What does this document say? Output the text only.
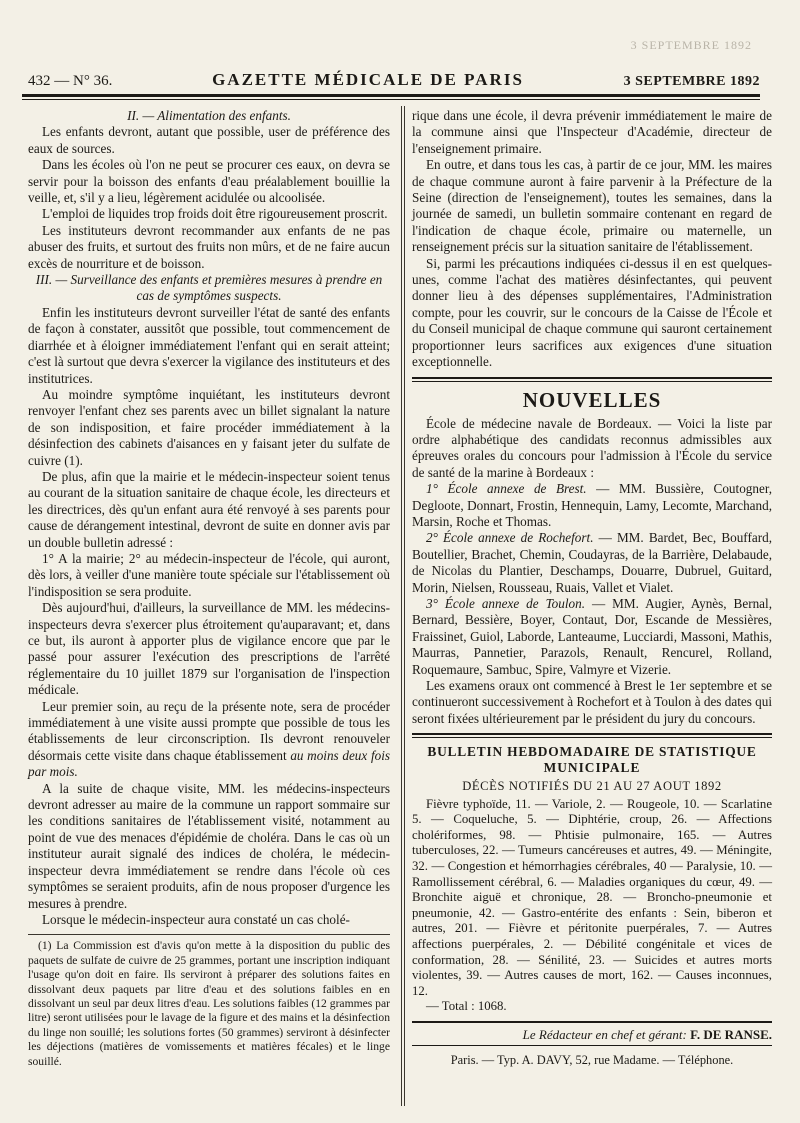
3 SEPTEMBRE 1892
432 — N° 36.	GAZETTE MÉDICALE DE PARIS	3 SEPTEMBRE 1892

II. — Alimentation des enfants.

Les enfants devront, autant que possible, user de préférence des eaux de sources.

Dans les écoles où l'on ne peut se procurer ces eaux, on devra se servir pour la boisson des enfants d'eau préalablement bouillie la veille, et, s'il y a lieu, légèrement acidulée ou alcoolisée.

L'emploi de liquides trop froids doit être rigoureusement proscrit.

Les instituteurs devront recommander aux enfants de ne pas abuser des fruits, et surtout des fruits non mûrs, et de ne faire aucun excès de nourriture et de boisson.

III. — Surveillance des enfants et premières mesures à prendre en cas de symptômes suspects.

Enfin les instituteurs devront surveiller l'état de santé des enfants de façon à constater, aussitôt que possible, tout commencement de diarrhée et à éloigner immédiatement l'enfant qui en serait atteint; c'est là surtout que devra s'exercer la vigilance des instituteurs et des institutrices.

Au moindre symptôme inquiétant, les instituteurs devront renvoyer l'enfant chez ses parents avec un billet signalant la nature de son indisposition, et faire procéder immédiatement à la désinfection des cabinets d'aisances en y faisant jeter du sulfate de cuivre (1).

De plus, afin que la mairie et le médecin-inspecteur soient tenus au courant de la situation sanitaire de chaque école, les directeurs et les directrices, dès qu'un enfant aura été renvoyé à ses parents pour cause de dérangement intestinal, devront de suite en donner avis par un double bulletin adressé :

1° A la mairie; 2° au médecin-inspecteur de l'école, qui auront, dès lors, à veiller d'une manière toute spéciale sur l'établissement où l'indisposition se sera produite.

Dès aujourd'hui, d'ailleurs, la surveillance de MM. les médecins-inspecteurs devra s'exercer plus étroitement qu'auparavant; et, dans ce but, ils auront à apporter plus de vigilance encore que par le passé pour assurer l'exécution des prescriptions de l'arrêté réglementaire du 10 juillet 1879 sur l'organisation de l'inspection médicale.

Leur premier soin, au reçu de la présente note, sera de procéder immédiatement à une visite aussi prompte que possible de tous les établissements de leur circonscription. Ils devront renouveler désormais cette visite dans chaque établissement au moins deux fois par mois.

A la suite de chaque visite, MM. les médecins-inspecteurs devront adresser au maire de la commune un rapport sommaire sur les conditions sanitaires de l'établissement visité, notamment au point de vue des menaces d'épidémie de choléra. Dans le cas où un instituteur aurait signalé des indices de choléra, le médecin-inspecteur devra immédiatement se rendre dans l'école où ces symptômes se seraient produits, afin de nous proposer d'urgence les mesures à prendre.

Lorsque le médecin-inspecteur aura constaté un cas cholé-

(1) La Commission est d'avis qu'on mette à la disposition du public des paquets de sulfate de cuivre de 25 grammes, portant une inscription indiquant l'usage qu'on doit en faire. Ils serviront à préparer des solutions faites en dissolvant deux paquets par litre d'eau et des solutions faibles en en dissolvant un seul par deux litres d'eau. Les solutions faibles (12 grammes par litre) seront utilisées pour le lavage de la figure et des mains et la désinfection du linge non souillé; les solutions fortes (50 grammes) serviront à désinfecter les déjections (matières de vomissements et matières fécales) et le linge souillé.

rique dans une école, il devra prévenir immédiatement le maire de la commune ainsi que l'Inspecteur d'Académie, directeur de l'enseignement primaire.

En outre, et dans tous les cas, à partir de ce jour, MM. les maires de chaque commune auront à faire parvenir à la Préfecture de la Seine (direction de l'enseignement), toutes les semaines, dans la journée de samedi, un bulletin sommaire contenant en regard de l'indication de chaque école, primaire ou maternelle, un renseignement précis sur la situation sanitaire de l'établissement.

Si, parmi les précautions indiquées ci-dessus il en est quelques-unes, comme l'achat des matières désinfectantes, qui peuvent donner lieu à des dépenses supplémentaires, l'Administration compte, pour les couvrir, sur le concours de la Caisse de l'École et du Conseil municipal de chaque commune qui sauront certainement proportionner leurs sacrifices aux exigences d'une situation exceptionnelle.

NOUVELLES

École de médecine navale de Bordeaux. — Voici la liste par ordre alphabétique des candidats reconnus admissibles aux épreuves orales du concours pour l'admission à l'École du service de santé de la marine à Bordeaux :

1° École annexe de Brest. — MM. Bussière, Coutogner, Degloote, Donnart, Frostin, Hennequin, Lamy, Lecomte, Marchand, Marsin, Roche et Thomas.

2° École annexe de Rochefort. — MM. Bardet, Bec, Bouffard, Boutellier, Brachet, Chemin, Coudayras, de la Barrière, Delabaude, de Nicolas du Plantier, Deschamps, Douarre, Dubruel, Guitard, Morin, Nielsen, Rousseau, Ruais, Vallet et Vialet.

3° École annexe de Toulon. — MM. Augier, Aynès, Bernal, Bernard, Bessière, Boyer, Contaut, Dor, Escande de Messières, Fraissinet, Guiol, Laborde, Lanteaume, Lucciardi, Massoni, Mathis, Maurras, Pannetier, Parazols, Renault, Rencurel, Rolland, Roquemaure, Sambuc, Spire, Valmyre et Vizerie.

Les examens oraux ont commencé à Brest le 1er septembre et se continueront successivement à Rochefort et à Toulon à des dates qui seront fixées ultérieurement par le président du jury du concours.

BULLETIN HEBDOMADAIRE DE STATISTIQUE
MUNICIPALE
DÉCÈS NOTIFIÉS DU 21 AU 27 AOUT 1892

Fièvre typhoïde, 11. — Variole, 2. — Rougeole, 10. — Scarlatine 5. — Coqueluche, 5. — Diphtérie, croup, 26. — Affections cholériformes, 98. — Phtisie pulmonaire, 165. — Autres tuberculoses, 22. — Tumeurs cancéreuses et autres, 49. — Méningite, 32. — Congestion et hémorrhagies cérébrales, 40 — Paralysie, 10. — Ramollissement cérébral, 6. — Maladies organiques du cœur, 49. — Bronchite aiguë et chronique, 28. — Broncho-pneumonie et pneumonie, 42. — Gastro-entérite des enfants : Sein, biberon et autres, 201. — Fièvre et péritonite puerpérales, 7. — Autres affections puerpérales, 2. — Débilité congénitale et vices de conformation, 28. — Sénilité, 23. — Suicides et autres morts violentes, 39. — Autres causes de mort, 162. — Causes inconnues, 12.

— Total : 1068.

Le Rédacteur en chef et gérant: F. DE RANSE.
Paris. — Typ. A. DAVY, 52, rue Madame. — Téléphone.
